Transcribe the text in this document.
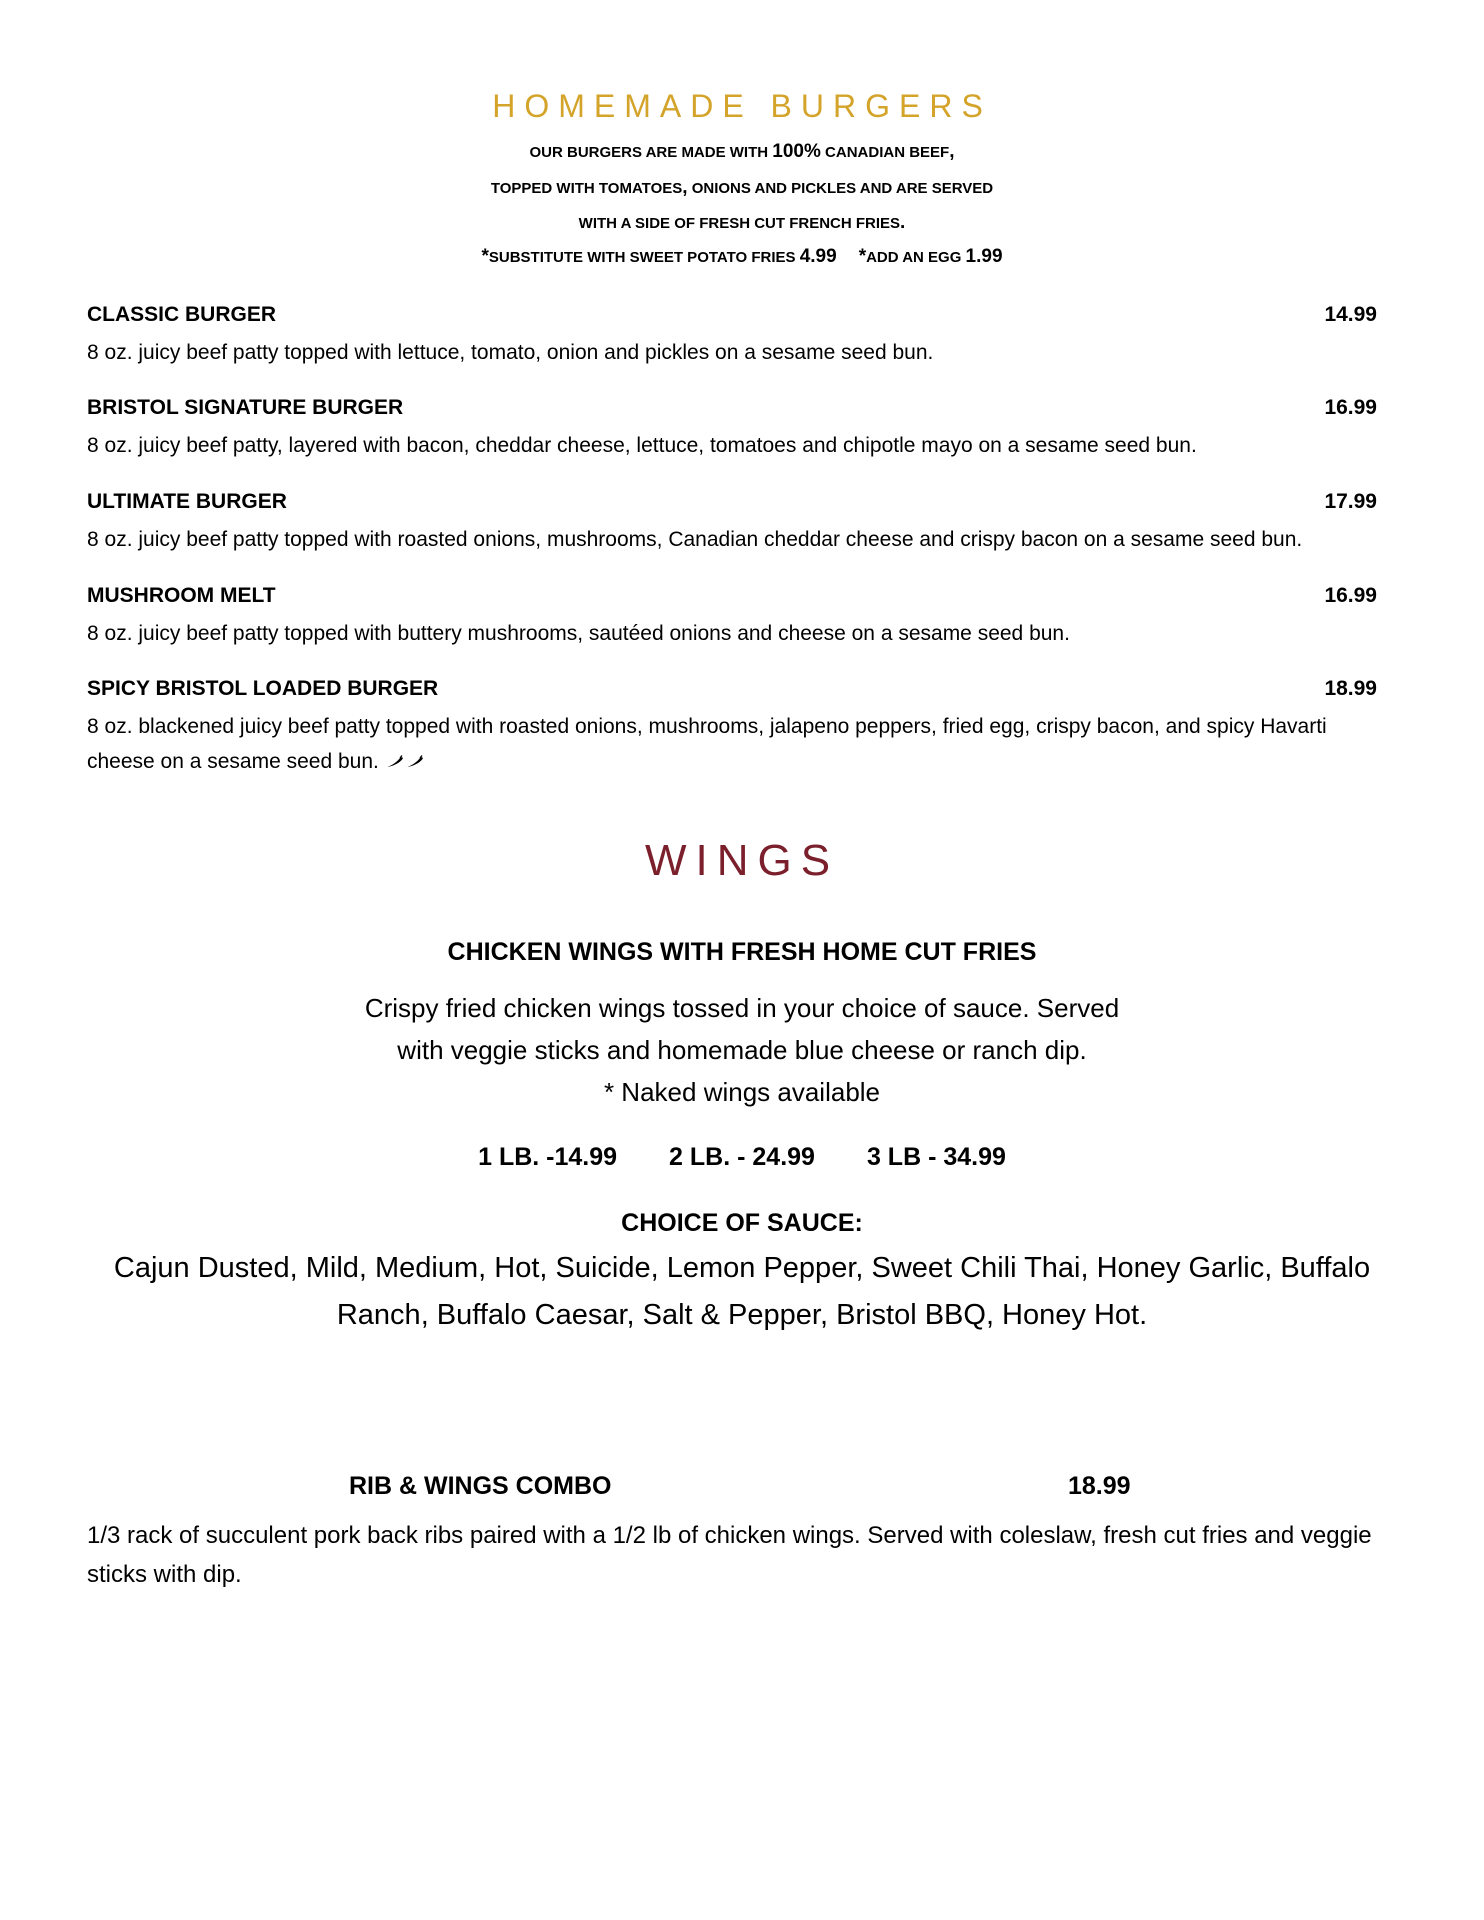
HOMEMADE BURGERS

OUR BURGERS ARE MADE WITH 100% CANADIAN BEEF,

TOPPED WITH TOMATOES, ONIONS AND PICKLES AND ARE SERVED

WITH A SIDE OF FRESH CUT FRENCH FRIES.

*SUBSTITUTE WITH SWEET POTATO FRIES 4.99 *ADD AN EGG 1.99

CLASSIC BURGER	14.99
8 oz. juicy beef patty topped with lettuce, tomato, onion and pickles on a sesame seed bun.
BRISTOL SIGNATURE BURGER	16.99
8 oz. juicy beef patty, layered with bacon, cheddar cheese, lettuce, tomatoes and chipotle mayo on a sesame seed bun.
ULTIMATE BURGER	17.99
8 oz. juicy beef patty topped with roasted onions, mushrooms, Canadian cheddar cheese and crispy bacon on a sesame seed bun.
MUSHROOM MELT	16.99
8 oz. juicy beef patty topped with buttery mushrooms, sautéed onions and cheese on a sesame seed bun.
SPICY BRISTOL LOADED BURGER	18.99
8 oz. blackened juicy beef patty topped with roasted onions, mushrooms, jalapeno peppers, fried egg, crispy bacon, and spicy Havarti cheese on a sesame seed bun.
WINGS
CHICKEN WINGS WITH FRESH HOME CUT FRIES
Crispy fried chicken wings tossed in your choice of sauce. Served
with veggie sticks and homemade blue cheese or ranch dip.
* Naked wings available
1 LB. -14.99 2 LB. - 24.99 3 LB - 34.99
CHOICE OF SAUCE:
Cajun Dusted, Mild, Medium, Hot, Suicide, Lemon Pepper, Sweet Chili Thai, Honey Garlic, Buffalo
Ranch, Buffalo Caesar, Salt & Pepper, Bristol BBQ, Honey Hot.
RIB & WINGS COMBO	18.99
1/3 rack of succulent pork back ribs paired with a 1/2 lb of chicken wings. Served with coleslaw, fresh cut fries and veggie sticks with dip.
